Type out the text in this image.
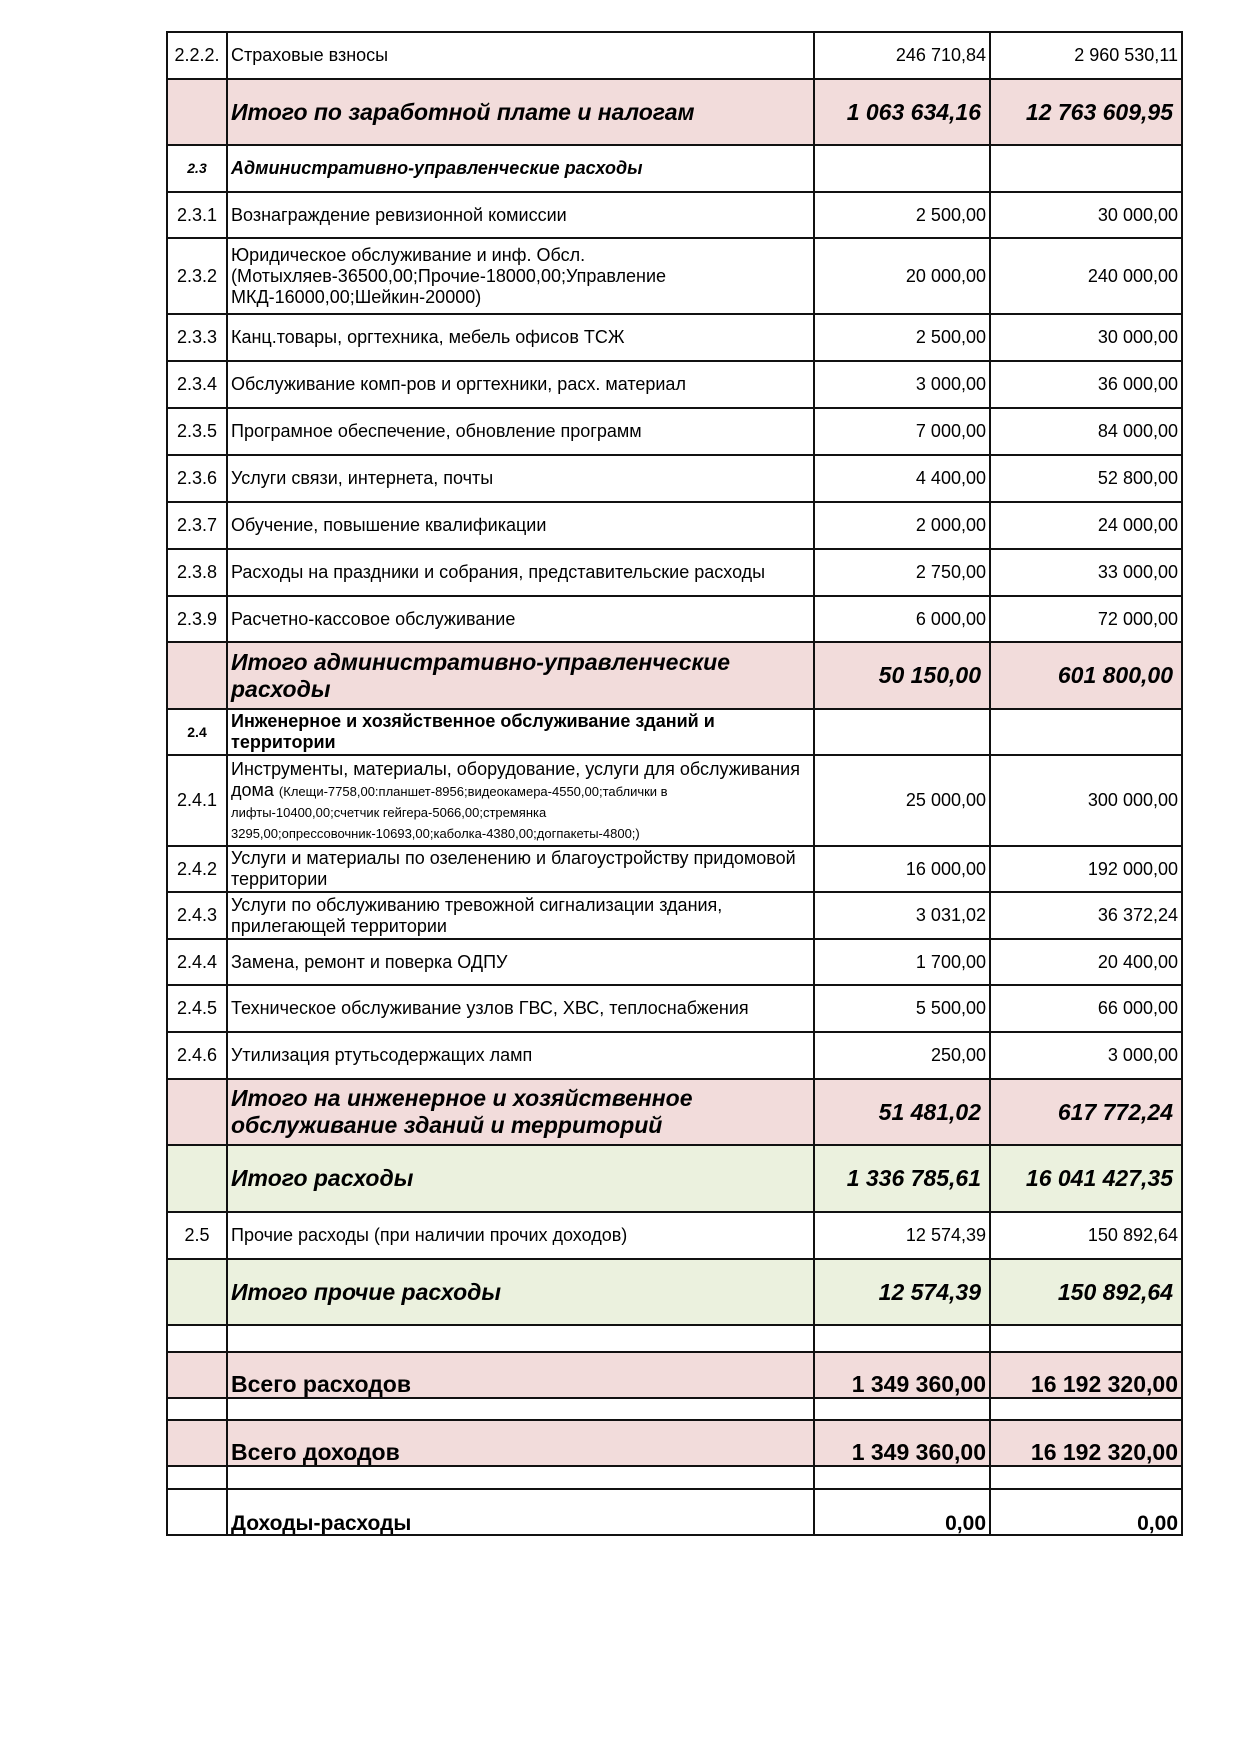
2.2.2.	Страховые взносы	246 710,84	2 960 530,11
	Итого по заработной плате и налогам	1 063 634,16	12 763 609,95
2.3	Административно-управленческие расходы		
2.3.1	Вознаграждение ревизионной комиссии	2 500,00	30 000,00
2.3.2	Юридическое обслуживание и инф. Обсл. (Мотыхляев-36500,00;Прочие-18000,00;Управление МКД-16000,00;Шейкин-20000)	20 000,00	240 000,00
2.3.3	Канц.товары, оргтехника, мебель офисов ТСЖ	2 500,00	30 000,00
2.3.4	Обслуживание комп-ров и оргтехники, расх. материал	3 000,00	36 000,00
2.3.5	Програмное обеспечение, обновление программ	7 000,00	84 000,00
2.3.6	Услуги связи, интернета, почты	4 400,00	52 800,00
2.3.7	Обучение, повышение квалификации	2 000,00	24 000,00
2.3.8	Расходы на праздники и собрания, представительские расходы	2 750,00	33 000,00
2.3.9	Расчетно-кассовое обслуживание	6 000,00	72 000,00
	Итого административно-управленческие расходы	50 150,00	601 800,00
2.4	Инженерное и хозяйственное обслуживание зданий и территории		
2.4.1	Инструменты, материалы, оборудование, услуги для обслуживания дома (Клещи-7758,00:планшет-8956;видеокамера-4550,00;таблички в лифты-10400,00;счетчик гейгера-5066,00;стремянка 3295,00;опрессовочник-10693,00;каболка-4380,00;догпакеты-4800;)	25 000,00	300 000,00
2.4.2	Услуги и материалы по озеленению и благоустройству придомовой территории	16 000,00	192 000,00
2.4.3	Услуги по обслуживанию тревожной сигнализации здания, прилегающей территории	3 031,02	36 372,24
2.4.4	Замена, ремонт и поверка ОДПУ	1 700,00	20 400,00
2.4.5	Техническое обслуживание узлов ГВС, ХВС, теплоснабжения	5 500,00	66 000,00
2.4.6	Утилизация ртутьсодержащих ламп	250,00	3 000,00
	Итого на инженерное и хозяйственное обслуживание зданий и территорий	51 481,02	617 772,24
	Итого расходы	1 336 785,61	16 041 427,35
2.5	Прочие расходы (при наличии прочих доходов)	12 574,39	150 892,64
	Итого прочие расходы	12 574,39	150 892,64

	Всего расходов	1 349 360,00	16 192 320,00

	Всего доходов	1 349 360,00	16 192 320,00

	Доходы-расходы	0,00	0,00
